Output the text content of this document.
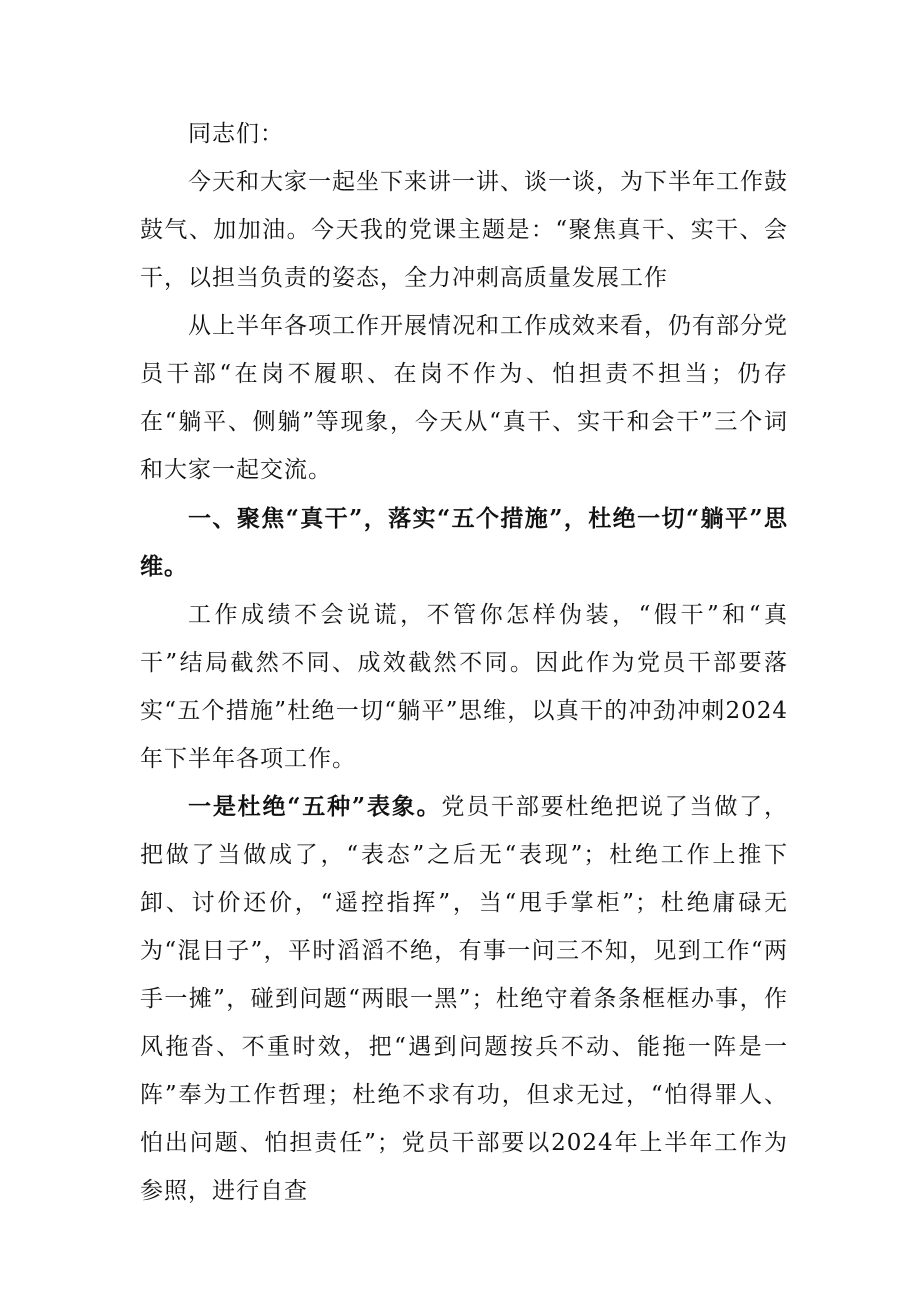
同志们：

今天和大家一起坐下来讲一讲、谈一谈，为下半年工作鼓鼓气、加加油。今天我的党课主题是：“聚焦真干、实干、会干，以担当负责的姿态，全力冲刺高质量发展工作

从上半年各项工作开展情况和工作成效来看，仍有部分党员干部“在岗不履职、在岗不作为、怕担责不担当；仍存在“躺平、侧躺”等现象，今天从“真干、实干和会干”三个词和大家一起交流。

一、聚焦“真干”，落实“五个措施”，杜绝一切“躺平”思维。

工作成绩不会说谎，不管你怎样伪装，“假干”和“真干”结局截然不同、成效截然不同。因此作为党员干部要落实“五个措施”杜绝一切“躺平”思维，以真干的冲劲冲刺2024年下半年各项工作。

一是杜绝“五种”表象。党员干部要杜绝把说了当做了，把做了当做成了，“表态”之后无“表现”；杜绝工作上推下卸、讨价还价，“遥控指挥”，当“甩手掌柜”；杜绝庸碌无为“混日子”，平时滔滔不绝，有事一问三不知，见到工作“两手一摊”，碰到问题“两眼一黑”；杜绝守着条条框框办事，作风拖沓、不重时效，把“遇到问题按兵不动、能拖一阵是一阵”奉为工作哲理；杜绝不求有功，但求无过，“怕得罪人、怕出问题、怕担责任”；党员干部要以2024年上半年工作为参照，进行自查
